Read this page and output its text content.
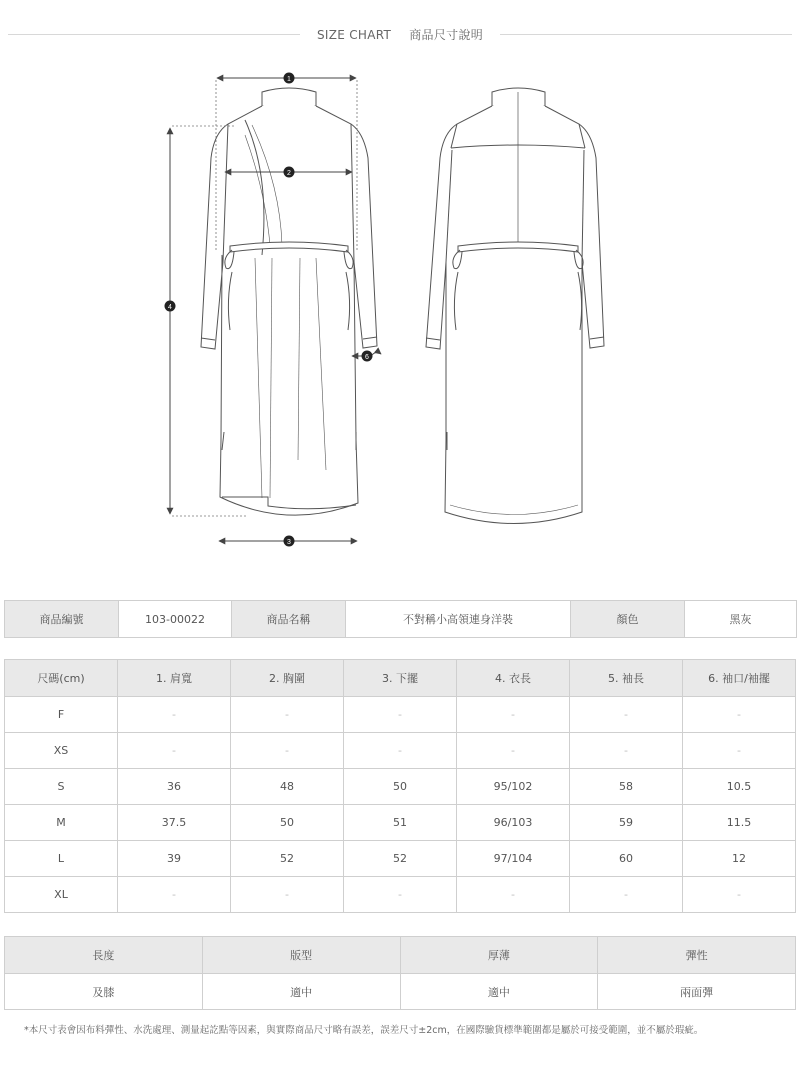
SIZE CHART 商品尺寸說明
1
2
3
4
6
商品編號	103-00022	商品名稱	不對稱小高領連身洋裝	顏色	黑灰
尺碼(cm)	1. 肩寬	2. 胸圍	3. 下擺	4. 衣長	5. 袖長	6. 袖口/袖擺
F	-	-	-	-	-	-
XS	-	-	-	-	-	-
S	36	48	50	95/102	58	10.5
M	37.5	50	51	96/103	59	11.5
L	39	52	52	97/104	60	12
XL	-	-	-	-	-	-
長度	版型	厚薄	彈性
及膝	適中	適中	兩面彈
*本尺寸表會因布料彈性、水洗處理、測量起訖點等因素，與實際商品尺寸略有誤差，誤差尺寸±2cm，在國際驗貨標準範圍都是屬於可接受範圍，並不屬於瑕疵。
